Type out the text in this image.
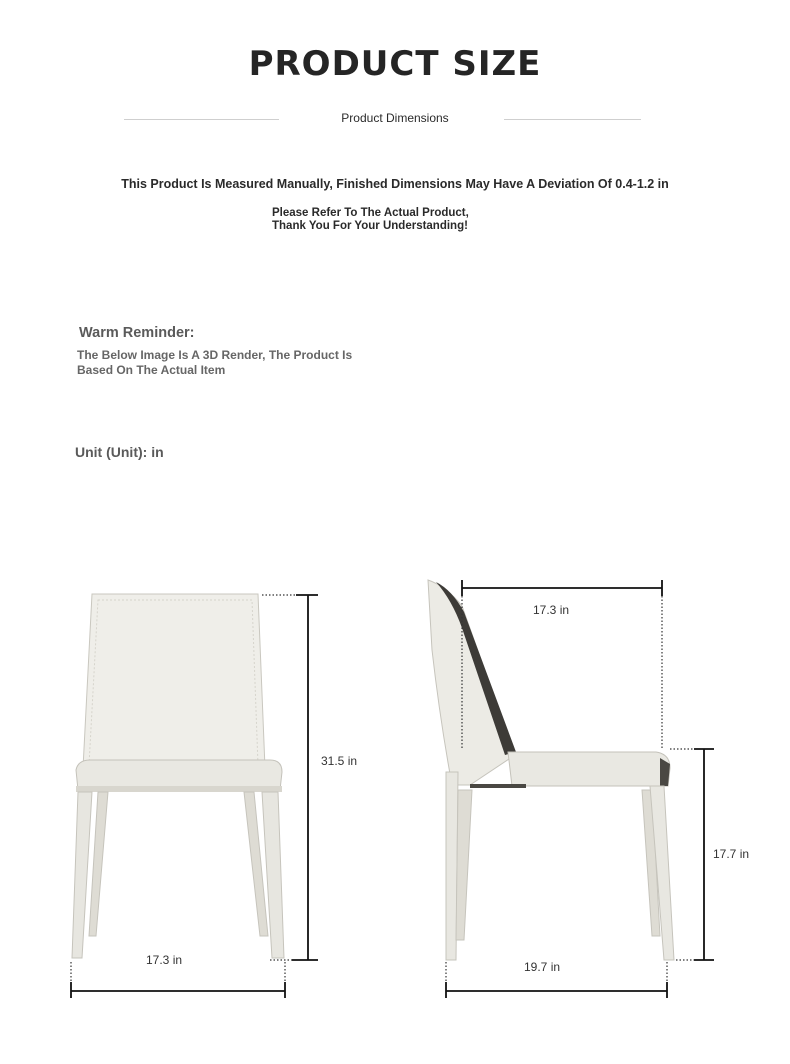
PRODUCT SIZE
Product Dimensions
This Product Is Measured Manually, Finished Dimensions May Have A Deviation Of 0.4-1.2 in
Please Refer To The Actual Product,
Thank You For Your Understanding!
Warm Reminder:
The Below Image Is A 3D Render, The Product Is
Based On The Actual Item
Unit (Unit): in
31.5 in
17.3 in
17.3 in
17.7 in
19.7 in
